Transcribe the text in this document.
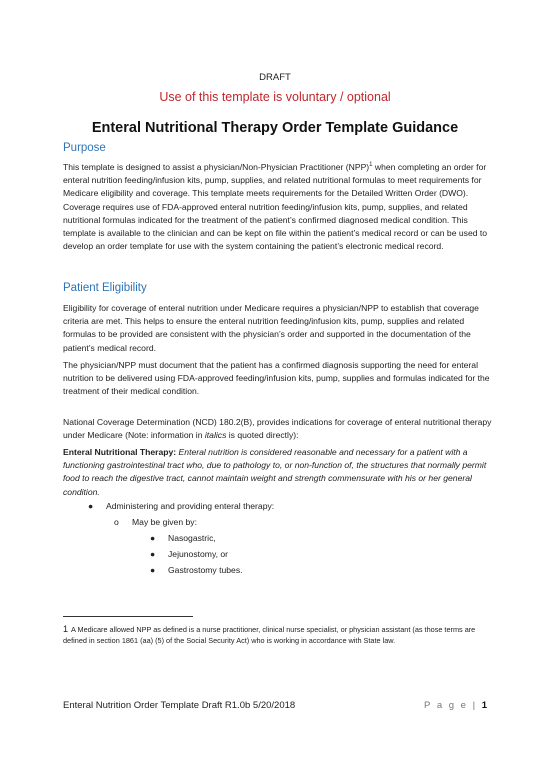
DRAFT
Use of this template is voluntary / optional
Enteral Nutritional Therapy Order Template Guidance
Purpose

This template is designed to assist a physician/Non-Physician Practitioner (NPP)$^1$ when completing an order for enteral nutrition feeding/infusion kits, pump, supplies, and related nutritional formulas to meet requirements for Medicare eligibility and coverage. This template meets requirements for the Detailed Written Order (DWO). Coverage requires use of FDA-approved enteral nutrition feeding/infusion kits, pump, supplies, and related nutritional formulas indicated for the treatment of the patient’s confirmed diagnosed medical condition. This template is available to the clinician and can be kept on file within the patient’s medical record or can be used to develop an order template for use with the system containing the patient’s electronic medical record.

Patient Eligibility

Eligibility for coverage of enteral nutrition under Medicare requires a physician/NPP to establish that coverage criteria are met. This helps to ensure the enteral nutrition feeding/infusion kits, pump, supplies and related formulas to be provided are consistent with the physician’s order and supported in the documentation of the patient’s medical record.

The physician/NPP must document that the patient has a confirmed diagnosis supporting the need for enteral nutrition to be delivered using FDA-approved feeding/infusion kits, pump, supplies and formulas indicated for the treatment of their medical condition.

National Coverage Determination (NCD) 180.2(B), provides indications for coverage of enteral nutritional therapy under Medicare (Note: information in italics is quoted directly):

Enteral Nutritional Therapy: Enteral nutrition is considered reasonable and necessary for a patient with a functioning gastrointestinal tract who, due to pathology to, or non-function of, the structures that normally permit food to reach the digestive tract, cannot maintain weight and strength commensurate with his or her general condition.

● Administering and providing enteral therapy:
o May be given by:
● Nasogastric,
● Jejunostomy, or
● Gastrostomy tubes.
1 A Medicare allowed NPP as defined is a nurse practitioner, clinical nurse specialist, or physician assistant (as those terms are defined in section 1861 (aa) (5) of the Social Security Act) who is working in accordance with State law.
Enteral Nutrition Order Template Draft R1.0b 5/20/2018	P a g e | 1
